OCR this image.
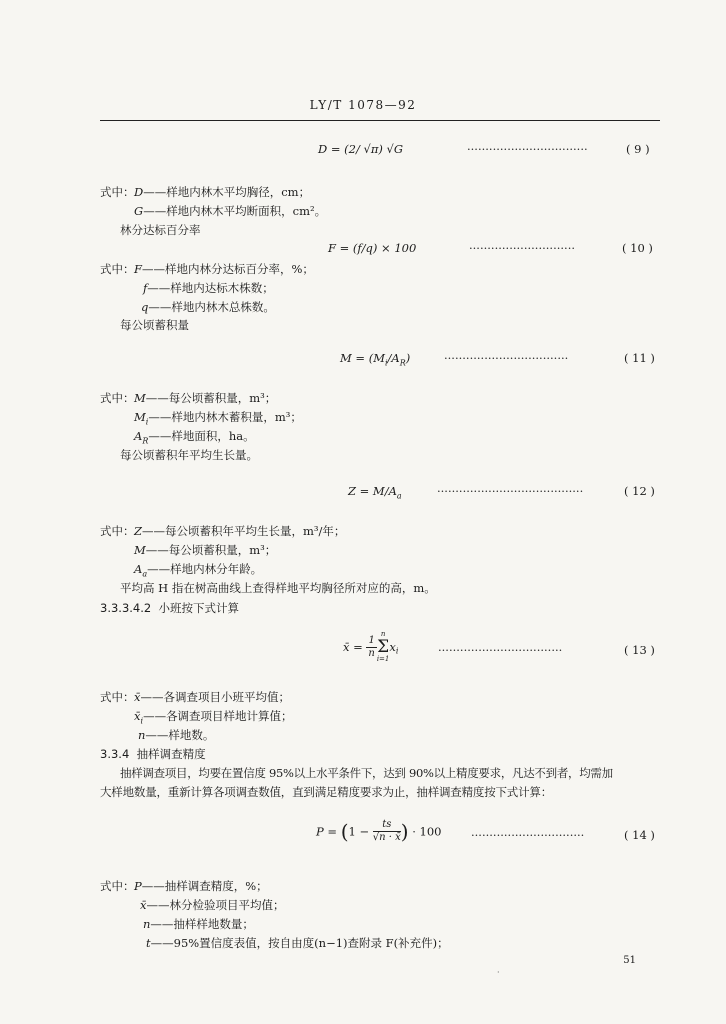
LY/T 1078—92
D = (2/ √π) √G	·································	( 9 )
式中： D——样地内林木平均胸径，cm；
G——样地内林木平均断面积，cm²。
林分达标百分率
F = (f/q) × 100	·····························	( 10 )
式中： F——样地内林分达标百分率，%；
f——样地内达标木株数；
q——样地内林木总株数。
每公顷蓄积量
$M = (M_i/A_R)$	··································	( 11 )
式中： M——每公顷蓄积量，m³；
$M_i——$样地内林木蓄积量，m³；
$A_R——$样地面积，ha。
每公顷蓄积年平均生长量。
$Z = M/A_a$	········································	( 12 )
式中： Z——每公顷蓄积年平均生长量，m³/年；
M——每公顷蓄积量，m³；
$A_a——$样地内林分年龄。
平均高 H 指在树高曲线上查得样地平均胸径所对应的高，m。
3.3.3.4.2 小班按下式计算
x̄ = $\frac{1}{n}$
n
Σ
i=1
$x_i$	··································	( 13 )
式中： x̄——各调查项目小班平均值；
$x̄_i——$各调查项目样地计算值；
n——样地数。
3.3.4 抽样调查精度
抽样调查项目，均要在置信度 95%以上水平条件下，达到 90%以上精度要求，凡达不到者，均需加
大样地数量，重新计算各项调查数值，直到满足精度要求为止，抽样调查精度按下式计算：
$P = (1 - \frac{ts}{√n \cdot x̄}$ ) · 100	·······························	( 14 )
式中： P——抽样调查精度，%；
x̄——林分检验项目平均值；
n——抽样样地数量；
t——95%置信度表值，按自由度(n−1)查附录 F(补充件)；
51
·
